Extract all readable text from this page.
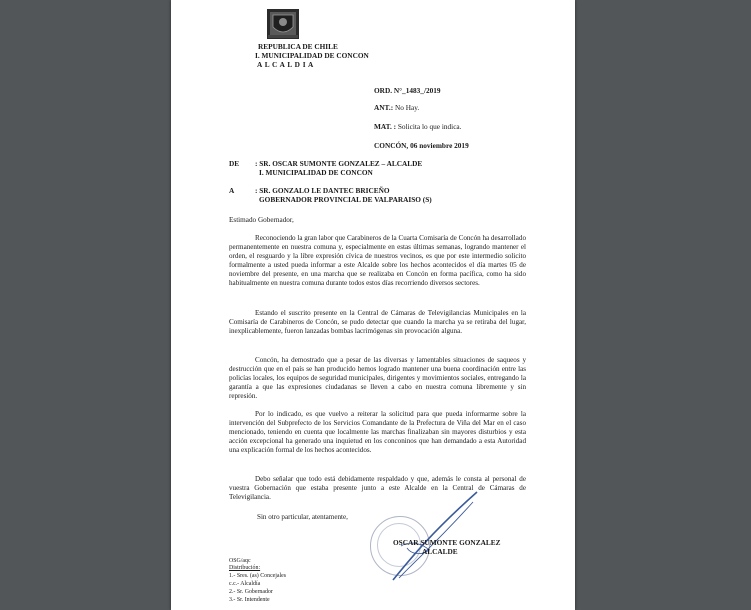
REPUBLICA DE CHILE
I. MUNICIPALIDAD DE CONCON
A L C A L D I A
ORD. N°_1483_/2019
ANT.: No Hay.
MAT. : Solicita lo que indica.
CONCÓN, 06 noviembre 2019
DE : SR. OSCAR SUMONTE GONZALEZ – ALCALDE
I. MUNICIPALIDAD DE CONCON
A	: SR. GONZALO LE DANTEC BRICEÑO
GOBERNADOR PROVINCIAL DE VALPARAISO (S)
Estimado Gobernador,

Reconociendo la gran labor que Carabineros de la Cuarta Comisaría de Concón ha desarrollado permanentemente en nuestra comuna y, especialmente en estas últimas semanas, logrando mantener el orden, el resguardo y la libre expresión cívica de nuestros vecinos, es que por este intermedio solicito formalmente a usted pueda informar a este Alcalde sobre los hechos acontecidos el día martes 05 de noviembre del presente, en una marcha que se realizaba en Concón en forma pacífica, como ha sido habitualmente en nuestra comuna durante todos estos días recorriendo diversos sectores.

Estando el suscrito presente en la Central de Cámaras de Televigilancias Municipales en la Comisaría de Carabineros de Concón, se pudo detectar que cuando la marcha ya se retiraba del lugar, inexplicablemente, fueron lanzadas bombas lacrimógenas sin provocación alguna.

Concón, ha demostrado que a pesar de las diversas y lamentables situaciones de saqueos y destrucción que en el país se han producido hemos logrado mantener una buena coordinación entre las policías locales, los equipos de seguridad municipales, dirigentes y movimientos sociales, entregando la garantía a que las expresiones ciudadanas se lleven a cabo en nuestra comuna libremente y sin represión.

Por lo indicado, es que vuelvo a reiterar la solicitud para que pueda informarme sobre la intervención del Subprefecto de los Servicios Comandante de la Prefectura de Viña del Mar en el caso mencionado, teniendo en cuenta que localmente las marchas finalizaban sin mayores disturbios y esta acción excepcional ha generado una inquietud en los conconinos que han demandado a esta Autoridad una explicación formal de los hechos acontecidos.

Debo señalar que todo está debidamente respaldado y que, además le consta al personal de vuestra Gobernación que estaba presente junto a este Alcalde en la Central de Cámaras de Televigilancia.

Sin otro particular, atentamente,
OSCAR SUMONTE GONZALEZ
ALCALDE
OSG/aqc
Distribución:
1.- Sres. (as) Concejales
c.c.- Alcaldía
2.- Sr. Gobernador
3.- Sr. Intendente
